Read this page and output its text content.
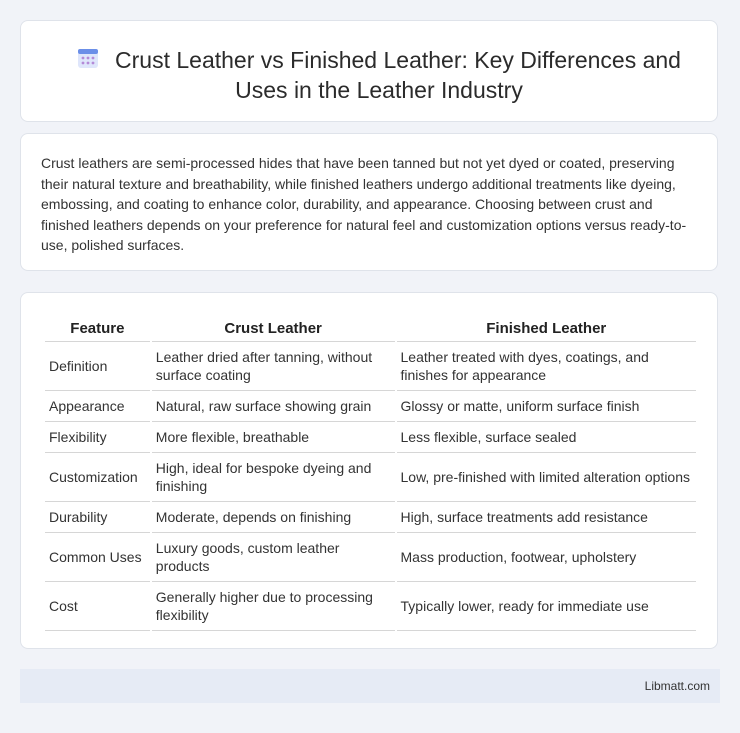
Crust Leather vs Finished Leather: Key Differences and Uses in the Leather Industry
Crust leathers are semi-processed hides that have been tanned but not yet dyed or coated, preserving their natural texture and breathability, while finished leathers undergo additional treatments like dyeing, embossing, and coating to enhance color, durability, and appearance. Choosing between crust and finished leathers depends on your preference for natural feel and customization options versus ready-to-use, polished surfaces.
Feature	Crust Leather	Finished Leather
Definition	Leather dried after tanning, without surface coating	Leather treated with dyes, coatings, and finishes for appearance
Appearance	Natural, raw surface showing grain	Glossy or matte, uniform surface finish
Flexibility	More flexible, breathable	Less flexible, surface sealed
Customization	High, ideal for bespoke dyeing and finishing	Low, pre-finished with limited alteration options
Durability	Moderate, depends on finishing	High, surface treatments add resistance
Common Uses	Luxury goods, custom leather products	Mass production, footwear, upholstery
Cost	Generally higher due to processing flexibility	Typically lower, ready for immediate use
Libmatt.com
